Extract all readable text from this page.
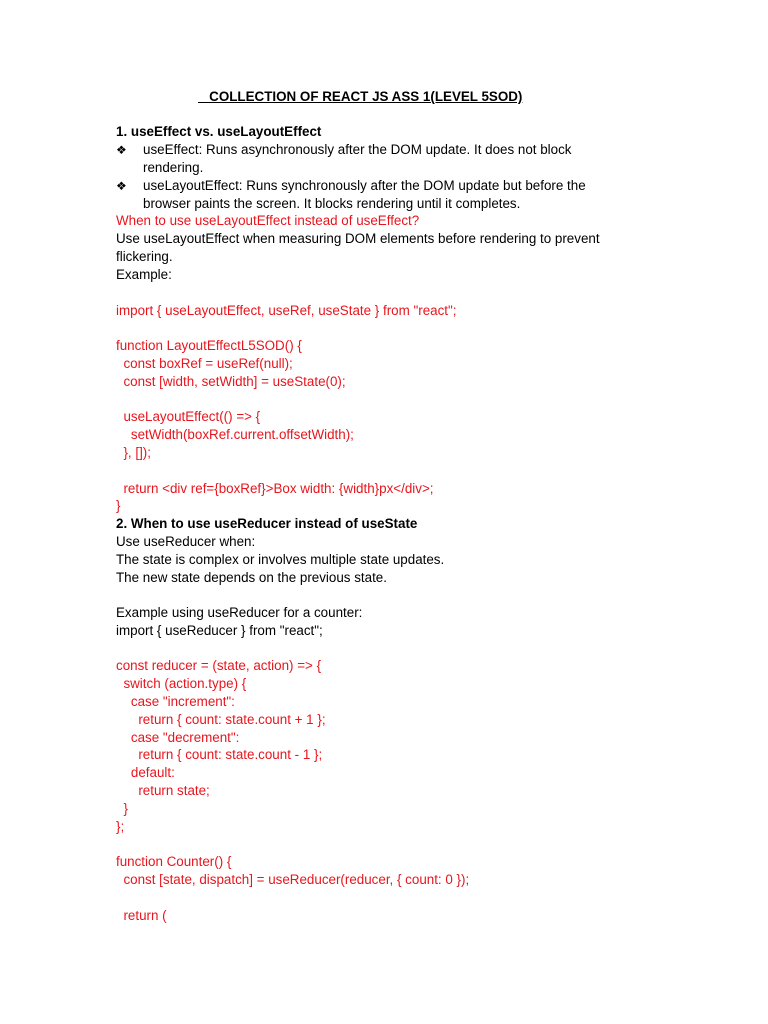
COLLECTION OF REACT JS ASS 1(LEVEL 5SOD)
1. useEffect vs. useLayoutEffect
❖ useEffect: Runs asynchronously after the DOM update. It does not block
rendering.
❖ useLayoutEffect: Runs synchronously after the DOM update but before the
browser paints the screen. It blocks rendering until it completes.
When to use useLayoutEffect instead of useEffect?
Use useLayoutEffect when measuring DOM elements before rendering to prevent
flickering.
Example:
import { useLayoutEffect, useRef, useState } from "react";
function LayoutEffectL5SOD() {
const boxRef = useRef(null);
const [width, setWidth] = useState(0);
useLayoutEffect(() => {
setWidth(boxRef.current.offsetWidth);
}, []);
return <div ref={boxRef}>Box width: {width}px</div>;
}
2. When to use useReducer instead of useState
Use useReducer when:
The state is complex or involves multiple state updates.
The new state depends on the previous state.
Example using useReducer for a counter:
import { useReducer } from "react";
const reducer = (state, action) => {
switch (action.type) {
case "increment":
return { count: state.count + 1 };
case "decrement":
return { count: state.count - 1 };
default:
return state;
}
};
function Counter() {
const [state, dispatch] = useReducer(reducer, { count: 0 });
return (
